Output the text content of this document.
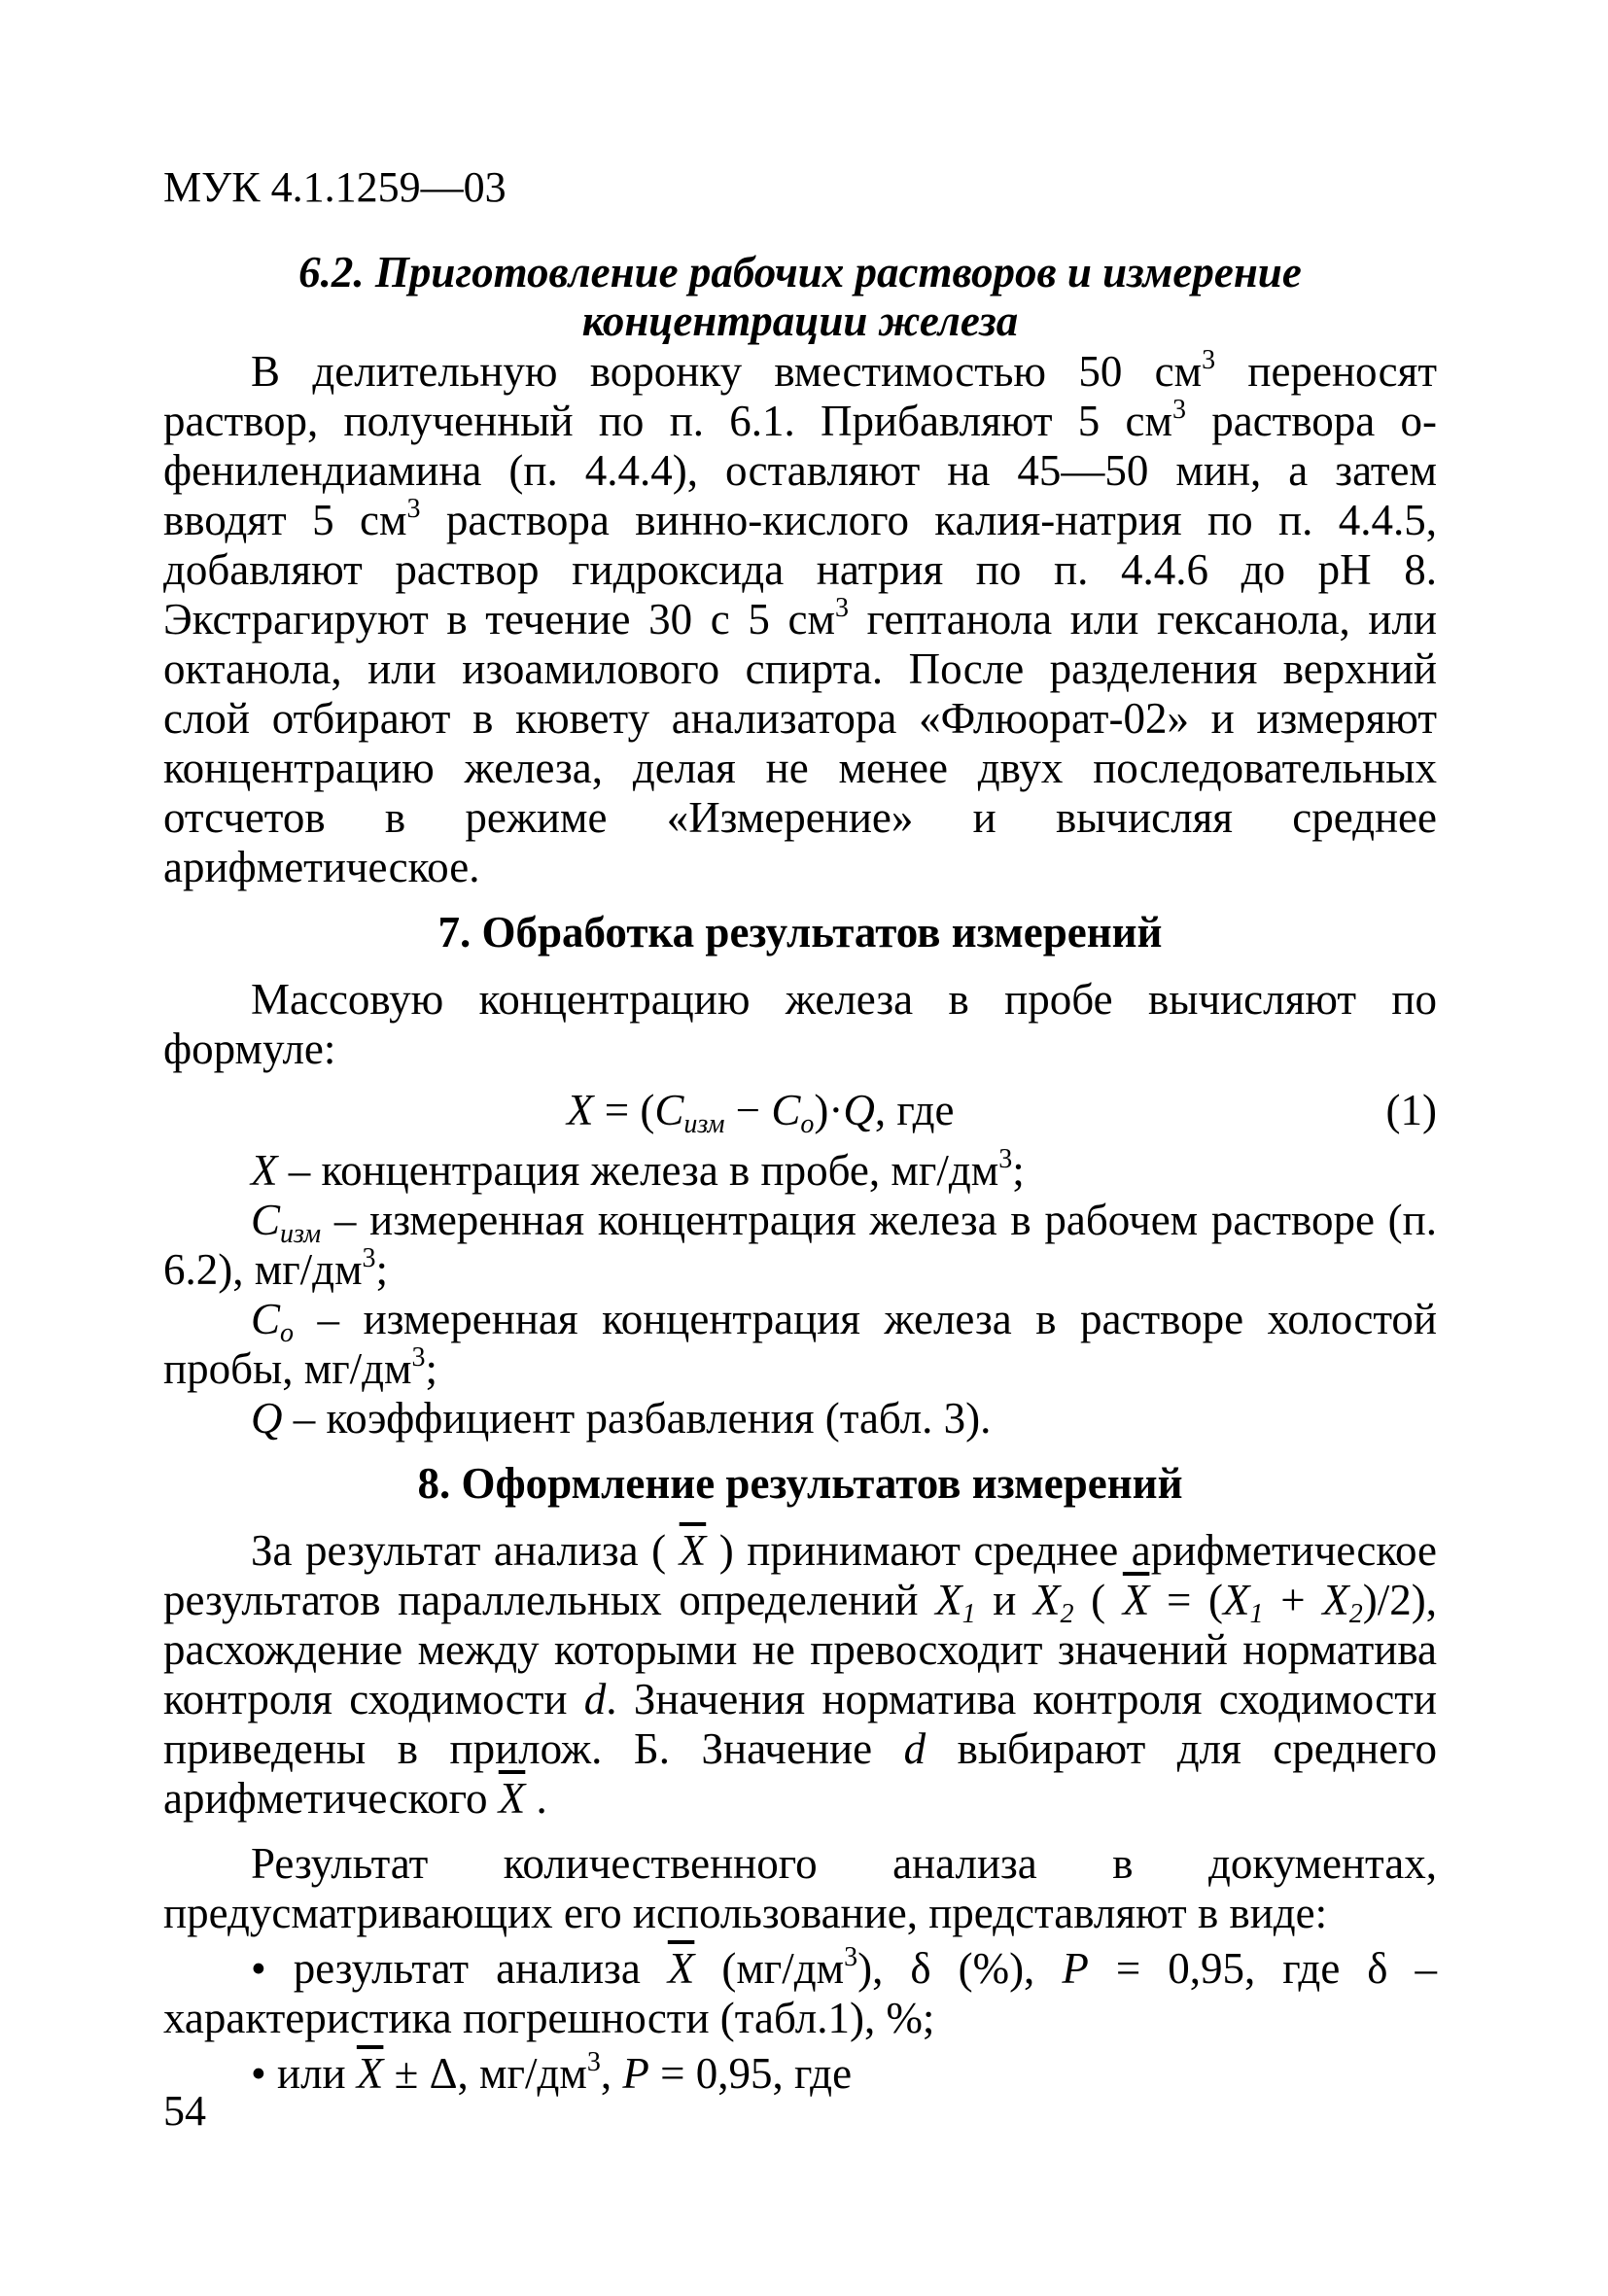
МУК 4.1.1259—03
6.2. Приготовление рабочих растворов и измерение
концентрации железа

В делительную воронку вместимостью 50 $см^3$ переносят раствор, полученный по п. 6.1. Прибавляют 5 $см^3$ раствора о-фенилендиамина (п. 4.4.4), оставляют на 45—50 мин, а затем вводят 5 $см^3$ раствора винно-кислого калия-натрия по п. 4.4.5, добавляют раствор гидроксида натрия по п. 4.4.6 до pH 8. Экстрагируют в течение 30 с 5 $см^3$ гептанола или гексанола, или октанола, или изоамилового спирта. После разделения верхний слой отбирают в кювету анализатора «Флюорат-02» и измеряют концентрацию железа, делая не менее двух последовательных отсчетов в режиме «Измерение» и вычисляя среднее арифметическое.

7. Обработка результатов измерений

Массовую концентрацию железа в пробе вычисляют по формуле:

$X = (C_{изм} - C_o)\cdot Q$, где	(1)

X – концентрация железа в пробе, $мг/дм^3$;

$C_{изм}$ – измеренная концентрация железа в рабочем растворе (п. 6.2), $мг/дм^3$;

$C_o$ – измеренная концентрация железа в растворе холостой пробы, $мг/дм^3$;

Q – коэффициент разбавления (табл. 3).

8. Оформление результатов измерений

За результат анализа ( $\overline{X}$ ) принимают среднее арифметическое результатов параллельных определений $X_1$ и $X_2$ ( $\overline{X} = (X_1 + X_2)/2$), расхождение между которыми не превосходит значений норматива контроля сходимости d. Значения норматива контроля сходимости приведены в прилож. Б. Значение d выбирают для среднего арифметического $\overline{X}$ .

Результат количественного анализа в документах, предусматривающих его использование, представляют в виде:

• результат анализа $\overline{X}$ $(мг/дм^3)$, δ (%), P = 0,95, где δ – характеристика погрешности (табл.1), %;

• или $\overline{X} \pm \Delta$, $мг/дм^3$, P = 0,95, где

54
